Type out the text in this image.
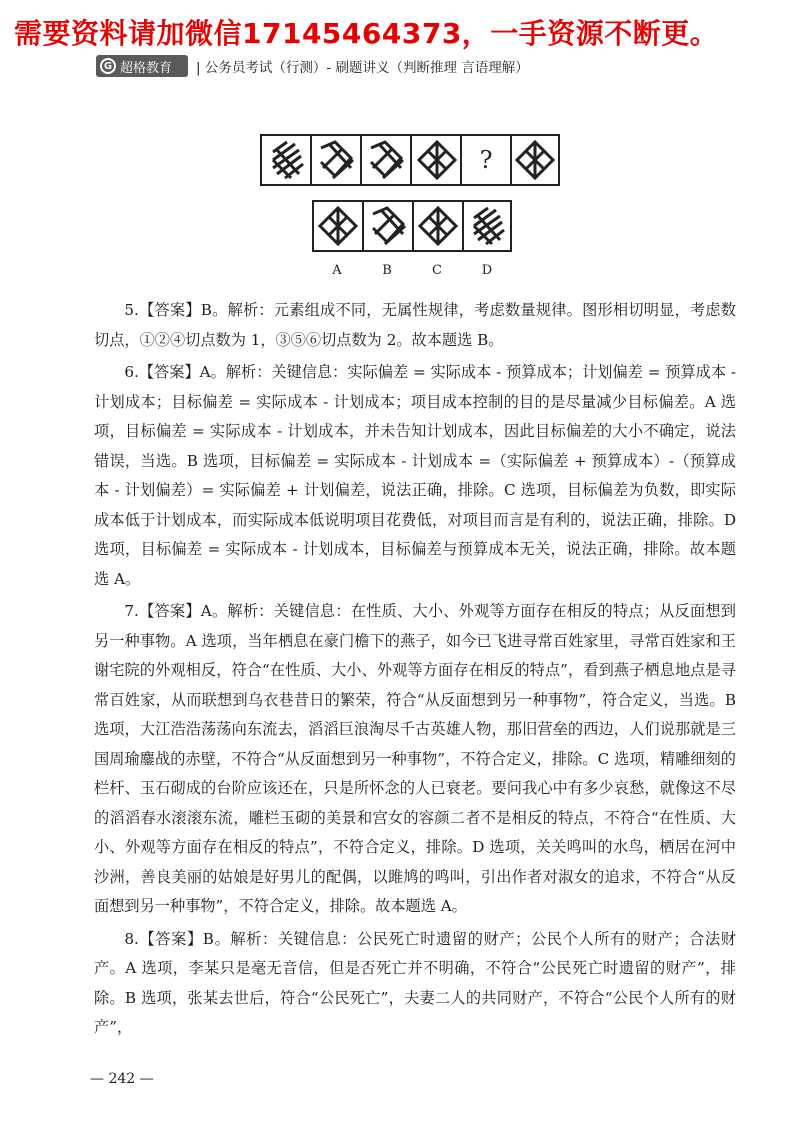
需要资料请加微信17145464373，一手资源不断更。
G 超格教育 | 公务员考试（行测）- 刷题讲义（判断推理 言语理解）
?
A	B	C	D

5.【答案】B。解析：元素组成不同，无属性规律，考虑数量规律。图形相切明显，考虑数切点，①②④切点数为 1，③⑤⑥切点数为 2。故本题选 B。

6.【答案】A。解析：关键信息：实际偏差 = 实际成本 - 预算成本；计划偏差 = 预算成本 - 计划成本；目标偏差 = 实际成本 - 计划成本；项目成本控制的目的是尽量减少目标偏差。A 选项，目标偏差 = 实际成本 - 计划成本，并未告知计划成本，因此目标偏差的大小不确定，说法错误，当选。B 选项，目标偏差 = 实际成本 - 计划成本 =（实际偏差 + 预算成本）-（预算成本 - 计划偏差）= 实际偏差 + 计划偏差，说法正确，排除。C 选项，目标偏差为负数，即实际成本低于计划成本，而实际成本低说明项目花费低，对项目而言是有利的，说法正确，排除。D 选项，目标偏差 = 实际成本 - 计划成本，目标偏差与预算成本无关，说法正确，排除。故本题选 A。

7.【答案】A。解析：关键信息：在性质、大小、外观等方面存在相反的特点；从反面想到另一种事物。A 选项，当年栖息在豪门檐下的燕子，如今已飞进寻常百姓家里，寻常百姓家和王谢宅院的外观相反，符合“在性质、大小、外观等方面存在相反的特点”，看到燕子栖息地点是寻常百姓家，从而联想到乌衣巷昔日的繁荣，符合“从反面想到另一种事物”，符合定义，当选。B 选项，大江浩浩荡荡向东流去，滔滔巨浪淘尽千古英雄人物，那旧营垒的西边，人们说那就是三国周瑜鏖战的赤壁，不符合“从反面想到另一种事物”，不符合定义，排除。C 选项，精雕细刻的栏杆、玉石砌成的台阶应该还在，只是所怀念的人已衰老。要问我心中有多少哀愁，就像这不尽的滔滔春水滚滚东流，雕栏玉砌的美景和宫女的容颜二者不是相反的特点，不符合“在性质、大小、外观等方面存在相反的特点”，不符合定义，排除。D 选项，关关鸣叫的水鸟，栖居在河中沙洲，善良美丽的姑娘是好男儿的配偶，以雎鸠的鸣叫，引出作者对淑女的追求，不符合“从反面想到另一种事物”，不符合定义，排除。故本题选 A。

8.【答案】B。解析：关键信息：公民死亡时遗留的财产；公民个人所有的财产；合法财产。A 选项，李某只是毫无音信，但是否死亡并不明确，不符合“公民死亡时遗留的财产”，排除。B 选项，张某去世后，符合“公民死亡”，夫妻二人的共同财产，不符合“公民个人所有的财产”，

— 242 —
